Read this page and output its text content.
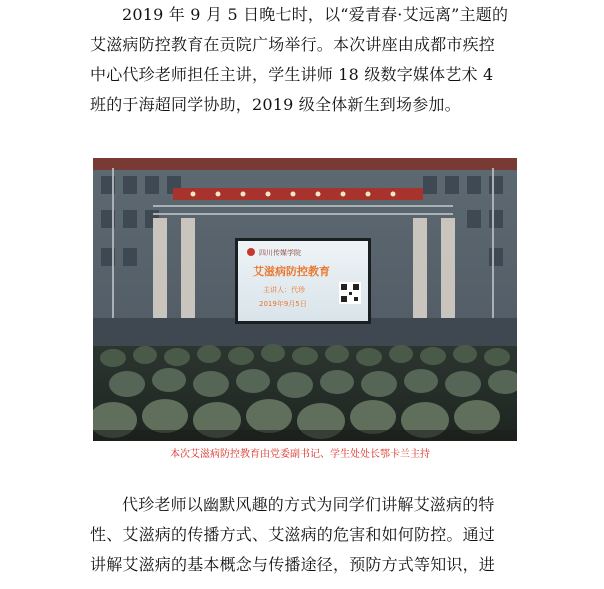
2019 年 9 月 5 日晚七时，以“爱青春·艾远离”主题的艾滋病防控教育在贡院广场举行。本次讲座由成都市疾控中心代珍老师担任主讲，学生讲师 18 级数字媒体艺术 4 班的于海超同学协助，2019 级全体新生到场参加。

四川传媒学院
艾滋病防控教育
主讲人：代珍
2019年9月5日

本次艾滋病防控教育由党委副书记、学生处处长鄂卡兰主持

代珍老师以幽默风趣的方式为同学们讲解艾滋病的特性、艾滋病的传播方式、艾滋病的危害和如何防控。通过讲解艾滋病的基本概念与传播途径，预防方式等知识，进
